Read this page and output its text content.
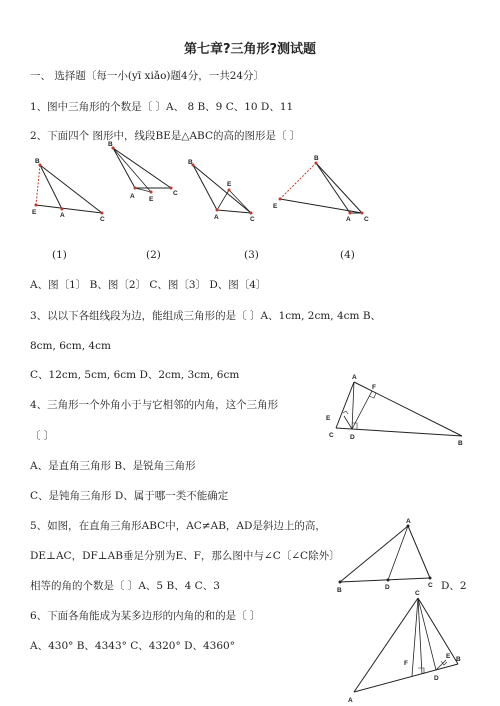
第七章?三角形?测试题
一、 选择题〔每一小(yī xiǎo)题4分，一共24分〕
1、图中三角形的个数是〔 〕A、 8 B、9 C、10 D、11
2、下面四个 图形中，线段BE是△ABC的高的图形是〔 〕
B
E	A
C
B
A E
C
B
E
A	C
B
E
A C
(1)	(2)	(3)	(4)
A、图〔1〕 B、图〔2〕 C、图〔3〕 D、图〔4〕
3、以以下各组线段为边，能组成三角形的是〔 〕A、1cm, 2cm, 4cm B、
8cm, 6cm, 4cm
C、12cm, 5cm, 6cm D、2cm, 3cm, 6cm	A
F
E
C	D
B
4、三角形一个外角小于与它相邻的内角，这个三角形
〔 〕
A、是直角三角形 B、是锐角三角形
C、是钝角三角形 D、属于哪一类不能确定
A
B	D	C
5、如图，在直角三角形ABC中，AC≠AB，AD是斜边上的高，
DE⊥AC，DF⊥AB垂足分别为E、F，那么图中与∠C〔∠C除外〕
相等的角的个数是〔 〕A、5 B、4 C、3	D、2
C
F
E B
D
A
6、下面各角能成为某多边形的内角的和的是〔 〕
A、430° B、4343° C、4320° D、4360°
